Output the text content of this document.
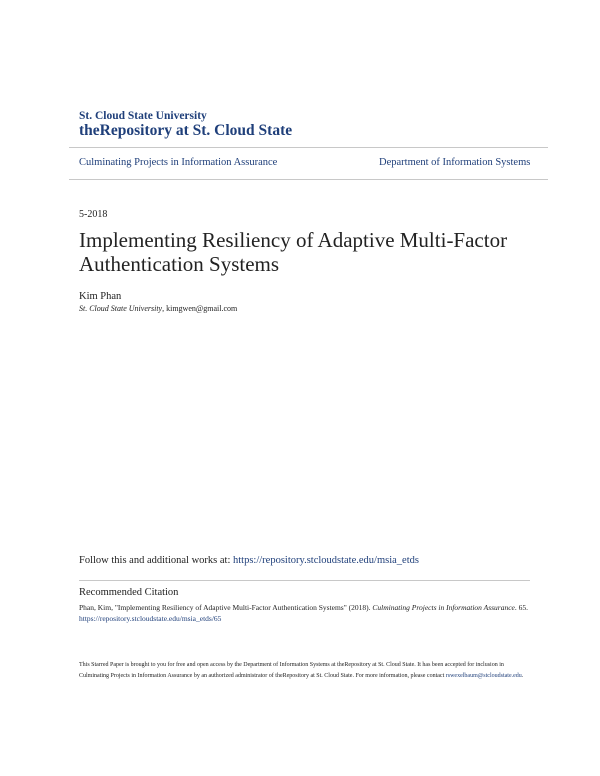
St. Cloud State University
theRepository at St. Cloud State
Culminating Projects in Information Assurance	Department of Information Systems
5-2018
Implementing Resiliency of Adaptive Multi-Factor Authentication Systems
Kim Phan
St. Cloud State University, kimgwen@gmail.com
Follow this and additional works at: https://repository.stcloudstate.edu/msia_etds
Recommended Citation
Phan, Kim, "Implementing Resiliency of Adaptive Multi-Factor Authentication Systems" (2018). Culminating Projects in Information Assurance. 65.
https://repository.stcloudstate.edu/msia_etds/65
This Starred Paper is brought to you for free and open access by the Department of Information Systems at theRepository at St. Cloud State. It has been accepted for inclusion in Culminating Projects in Information Assurance by an authorized administrator of theRepository at St. Cloud State. For more information, please contact rswexelbaum@stcloudstate.edu.
